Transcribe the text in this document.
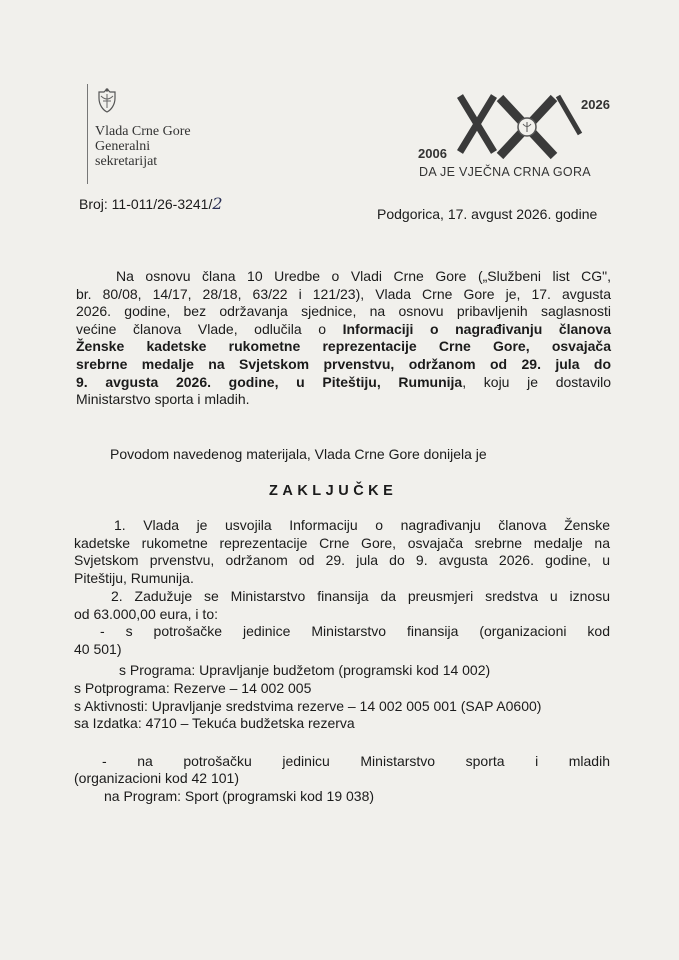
Vlada Crne Gore
Generalni
sekretarijat
2006
2026
DA JE VJEČNA CRNA GORA
Broj: 11-011/26-3241/2
Podgorica, 17. avgust 2026. godine
Na osnovu člana 10 Uredbe o Vladi Crne Gore („Službeni list CG",
br. 80/08, 14/17, 28/18, 63/22 i 121/23), Vlada Crne Gore je, 17. avgusta
2026. godine, bez održavanja sjednice, na osnovu pribavljenih saglasnosti
većine članova Vlade, odlučila o Informaciji o nagrađivanju članova
Ženske kadetske rukometne reprezentacije Crne Gore, osvajača
srebrne medalje na Svjetskom prvenstvu, održanom od 29. jula do
9. avgusta 2026. godine, u Piteštiju, Rumunija, koju je dostavilo
Ministarstvo sporta i mladih.
Povodom navedenog materijala, Vlada Crne Gore donijela je
ZAKLJUČKE
1. Vlada je usvojila Informaciju o nagrađivanju članova Ženske
kadetske rukometne reprezentacije Crne Gore, osvajača srebrne medalje na
Svjetskom prvenstvu, održanom od 29. jula do 9. avgusta 2026. godine, u
Piteštiju, Rumunija.
2. Zadužuje se Ministarstvo finansija da preusmjeri sredstva u iznosu
od 63.000,00 eura, i to:
- s potrošačke jedinice Ministarstvo finansija (organizacioni kod
40 501)
s Programa: Upravljanje budžetom (programski kod 14 002)
s Potprograma: Rezerve – 14 002 005
s Aktivnosti: Upravljanje sredstvima rezerve – 14 002 005 001 (SAP A0600)
sa Izdatka: 4710 – Tekuća budžetska rezerva
- na potrošačku jedinicu Ministarstvo sporta i mladih
(organizacioni kod 42 101)
na Program: Sport (programski kod 19 038)
